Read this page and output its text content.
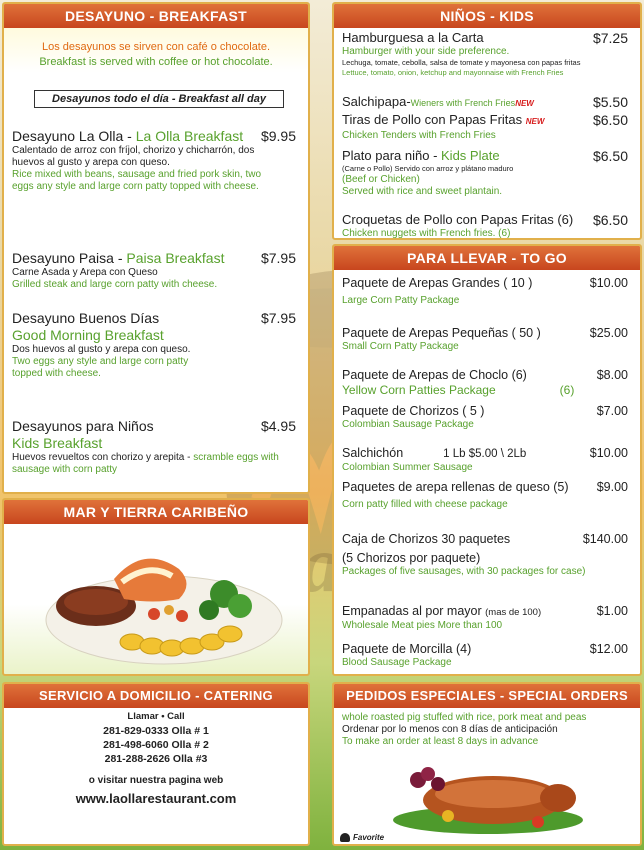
DESAYUNO - BREAKFAST
Los desayunos se sirven con café o chocolate.
Breakfast is served with coffee or hot chocolate.
Desayunos todo el día - Breakfast all day
Desayuno La Olla - La Olla Breakfast	$9.95
Calentado de arroz con fríjol, chorizo y chicharrón, dos huevos al gusto y arepa con queso.
Rice mixed with beans, sausage and fried pork skin, two eggs any style and large corn patty topped with cheese.
Desayuno Paisa - Paisa Breakfast	$7.95
Carne Asada y Arepa con Queso
Grilled steak and large corn patty with cheese.
Desayuno Buenos Días
Good Morning Breakfast
$7.95
Dos huevos al gusto y arepa con queso.
Two eggs any style and large corn patty topped with cheese.
Desayunos para Niños
Kids Breakfast
$4.95
Huevos revueltos con chorizo y arepita - scramble eggs with sausage with corn patty
NIÑOS - KIDS
Hamburguesa a la Carta	$7.25
Hamburger with your side preference.
Lechuga, tomate, cebolla, salsa de tomate y mayonesa con papas fritas
Lettuce, tomato, onion, ketchup and mayonnaise with French Fries
Salchipapa-Wieners with French FriesNEW	$5.50
Tiras de Pollo con Papas Fritas NEW	$6.50
Chicken Tenders with French Fries
Plato para niño - Kids Plate	$6.50
(Carne o Pollo) Servido con arroz y plátano maduro
(Beef or Chicken)
Served with rice and sweet plantain.
Croquetas de Pollo con Papas Fritas (6)	$6.50
Chicken nuggets with French fries. (6)
PARA LLEVAR - TO GO
Paquete de Arepas Grandes ( 10 )	$10.00
Large Corn Patty Package
Paquete de Arepas Pequeñas ( 50 )	$25.00
Small Corn Patty Package
Paquete de Arepas de Choclo (6)	$8.00
Yellow Corn Patties Package	(6)
Paquete de Chorizos ( 5 )	$7.00
Colombian Sausage Package
Salchichón	1 Lb $5.00 \ 2Lb	$10.00
Colombian Summer Sausage
Paquetes de arepa rellenas de queso (5)	$9.00
Corn patty filled with cheese package
Caja de Chorizos 30 paquetes	$140.00
(5 Chorizos por paquete)
Packages of five sausages, with 30 packages for case)
Empanadas al por mayor (mas de 100)	$1.00
Wholesale Meat pies More than 100
Paquete de Morcilla (4)	$12.00
Blood Sausage Package
MAR Y TIERRA CARIBEÑO
SERVICIO A DOMICILIO - CATERING
Llamar • Call
281-829-0333 Olla # 1
281-498-6060 Olla # 2
281-288-2626 Olla #3
o visitar nuestra pagina web
www.laollarestaurant.com
PEDIDOS ESPECIALES - SPECIAL ORDERS
whole roasted pig stuffed with rice, pork meat and peas
Ordenar por lo menos con 8 días de anticipación
To make an order at least 8 days in advance
Favorite
